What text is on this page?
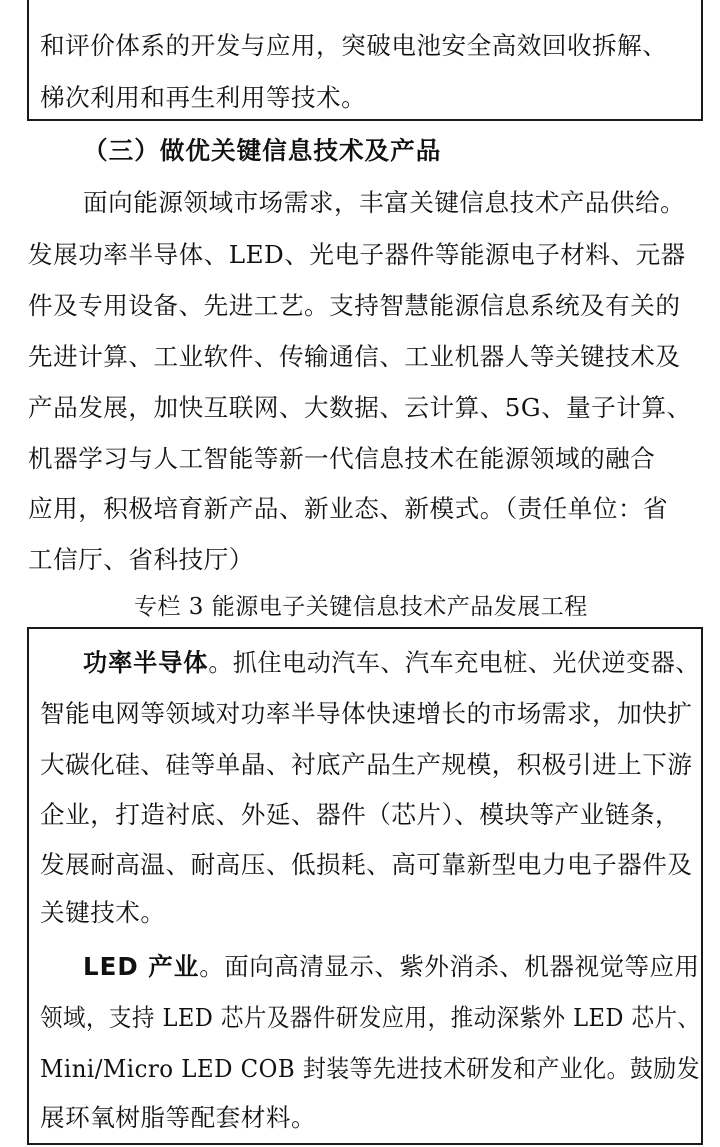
和评价体系的开发与应用，突破电池安全高效回收拆解、
梯次利用和再生利用等技术。
（三）做优关键信息技术及产品
面向能源领域市场需求，丰富关键信息技术产品供给。
发展功率半导体、LED、光电子器件等能源电子材料、元器
件及专用设备、先进工艺。支持智慧能源信息系统及有关的
先进计算、工业软件、传输通信、工业机器人等关键技术及
产品发展，加快互联网、大数据、云计算、5G、量子计算、
机器学习与人工智能等新一代信息技术在能源领域的融合
应用，积极培育新产品、新业态、新模式。（责任单位：省
工信厅、省科技厅）
专栏 3 能源电子关键信息技术产品发展工程
功率半导体。抓住电动汽车、汽车充电桩、光伏逆变器、
智能电网等领域对功率半导体快速增长的市场需求，加快扩
大碳化硅、硅等单晶、衬底产品生产规模，积极引进上下游
企业，打造衬底、外延、器件（芯片）、模块等产业链条，
发展耐高温、耐高压、低损耗、高可靠新型电力电子器件及
关键技术。
LED 产业。面向高清显示、紫外消杀、机器视觉等应用
领域，支持 LED 芯片及器件研发应用，推动深紫外 LED 芯片、
Mini/Micro LED COB 封装等先进技术研发和产业化。鼓励发
展环氧树脂等配套材料。
